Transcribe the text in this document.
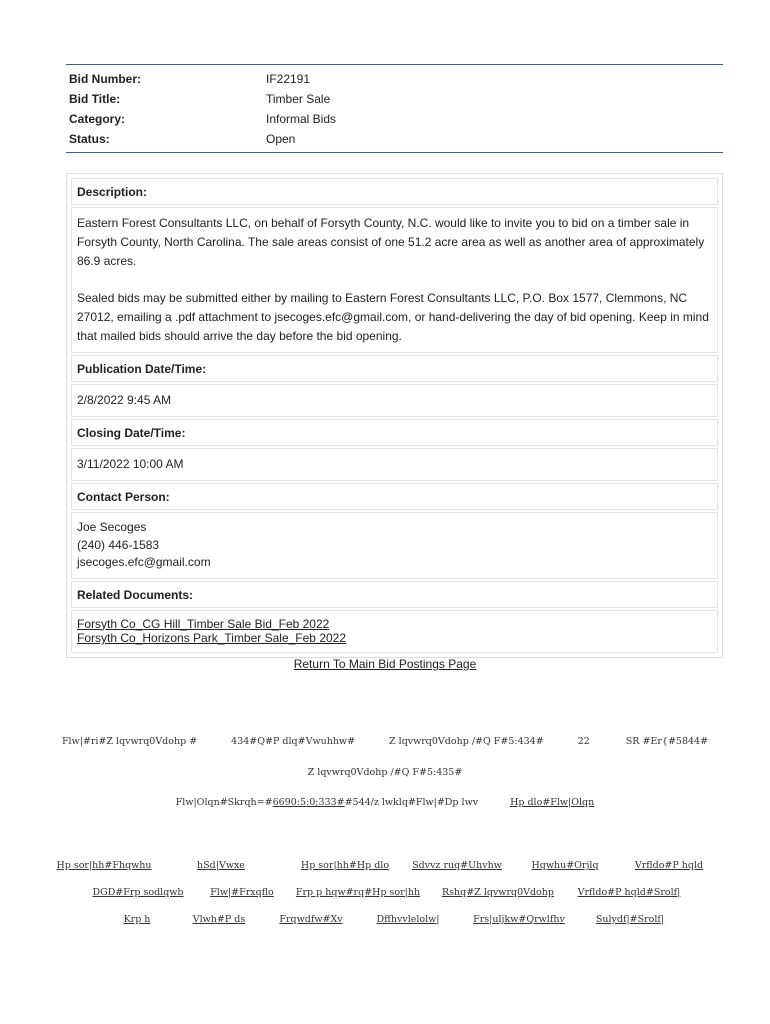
Bid Number:	IF22191
Bid Title:	Timber Sale
Category:	Informal Bids
Status:	Open
Description:

Eastern Forest Consultants LLC, on behalf of Forsyth County, N.C. would like to invite you to bid on a timber sale in Forsyth County, North Carolina. The sale areas consist of one 51.2 acre area as well as another area of approximately 86.9 acres.

Sealed bids may be submitted either by mailing to Eastern Forest Consultants LLC, P.O. Box 1577, Clemmons, NC 27012, emailing a .pdf attachment to jsecoges.efc@gmail.com, or hand-delivering the day of bid opening. Keep in mind that mailed bids should arrive the day before the bid opening.

Publication Date/Time:
2/8/2022 9:45 AM
Closing Date/Time:
3/11/2022 10:00 AM
Contact Person:
Joe Secoges
(240) 446-1583
jsecoges.efc@gmail.com
Related Documents:
Forsyth Co_CG Hill_Timber Sale Bid_Feb 2022
Forsyth Co_Horizons Park_Timber Sale_Feb 2022
Return To Main Bid Postings Page
Flw|#ri#Z lqvwrq0Vdohp #	434#Q#P dlq#Vwuhhw#	Z lqvwrq0Vdohp /#Q F#5:434#	22	SR #Er{#5844#
Z lqvwrq0Vdohp /#Q F#5:435#
Flw|Olqn#Skrqh=# 6690:5:0;333# #544/z lwklq#Flw|#Dp lwv	Hp dlo#Flw|Olqn
Hp sor|hh#Fhqwhu	hSd|Vwxe	Hp sor|hh#Hp dlo	Sdvvz ruq#Uhvhw	Hqwhu#Orjlq	Vrfldo#P hqld
DGD#Frp sodlqwb	Flw|#Frxqflo	Frp p hqw#rq#Hp sor|hh	Rshq#Z lqvwrq0Vdohp	Vrfldo#P hqld#Srolf|
Krp h	Vlwh#P ds	Frqwdfw#Xv	Dffhvvlelolw|	Frs|uljkw#Qrwlfhv	Sulydf|#Srolf|
